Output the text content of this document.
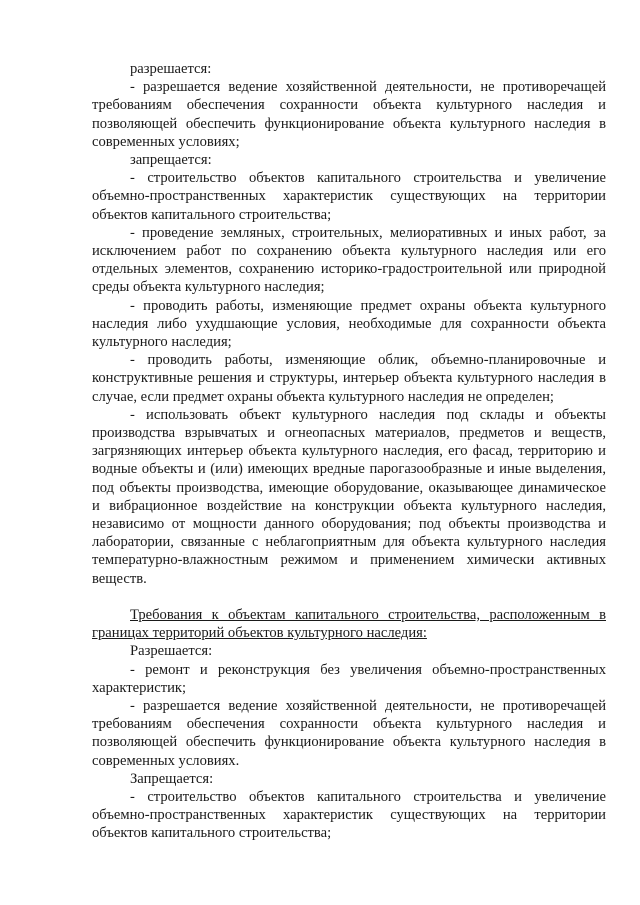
разрешается:

- разрешается ведение хозяйственной деятельности, не противоречащей требованиям обеспечения сохранности объекта культурного наследия и позволяющей обеспечить функционирование объекта культурного наследия в современных условиях;

запрещается:

- строительство объектов капитального строительства и увеличение объемно-пространственных характеристик существующих на территории объектов капитального строительства;

- проведение земляных, строительных, мелиоративных и иных работ, за исключением работ по сохранению объекта культурного наследия или его отдельных элементов, сохранению историко-градостроительной или природной среды объекта культурного наследия;

- проводить работы, изменяющие предмет охраны объекта культурного наследия либо ухудшающие условия, необходимые для сохранности объекта культурного наследия;

- проводить работы, изменяющие облик, объемно-планировочные и конструктивные решения и структуры, интерьер объекта культурного наследия в случае, если предмет охраны объекта культурного наследия не определен;

- использовать объект культурного наследия под склады и объекты производства взрывчатых и огнеопасных материалов, предметов и веществ, загрязняющих интерьер объекта культурного наследия, его фасад, территорию и водные объекты и (или) имеющих вредные парогазообразные и иные выделения, под объекты производства, имеющие оборудование, оказывающее динамическое и вибрационное воздействие на конструкции объекта культурного наследия, независимо от мощности данного оборудования; под объекты производства и лаборатории, связанные с неблагоприятным для объекта культурного наследия температурно-влажностным режимом и применением химически активных веществ.

Требования к объектам капитального строительства, расположенным в границах территорий объектов культурного наследия:

Разрешается:

- ремонт и реконструкция без увеличения объемно-пространственных характеристик;

- разрешается ведение хозяйственной деятельности, не противоречащей требованиям обеспечения сохранности объекта культурного наследия и позволяющей обеспечить функционирование объекта культурного наследия в современных условиях.

Запрещается:

- строительство объектов капитального строительства и увеличение объемно-пространственных характеристик существующих на территории объектов капитального строительства;
